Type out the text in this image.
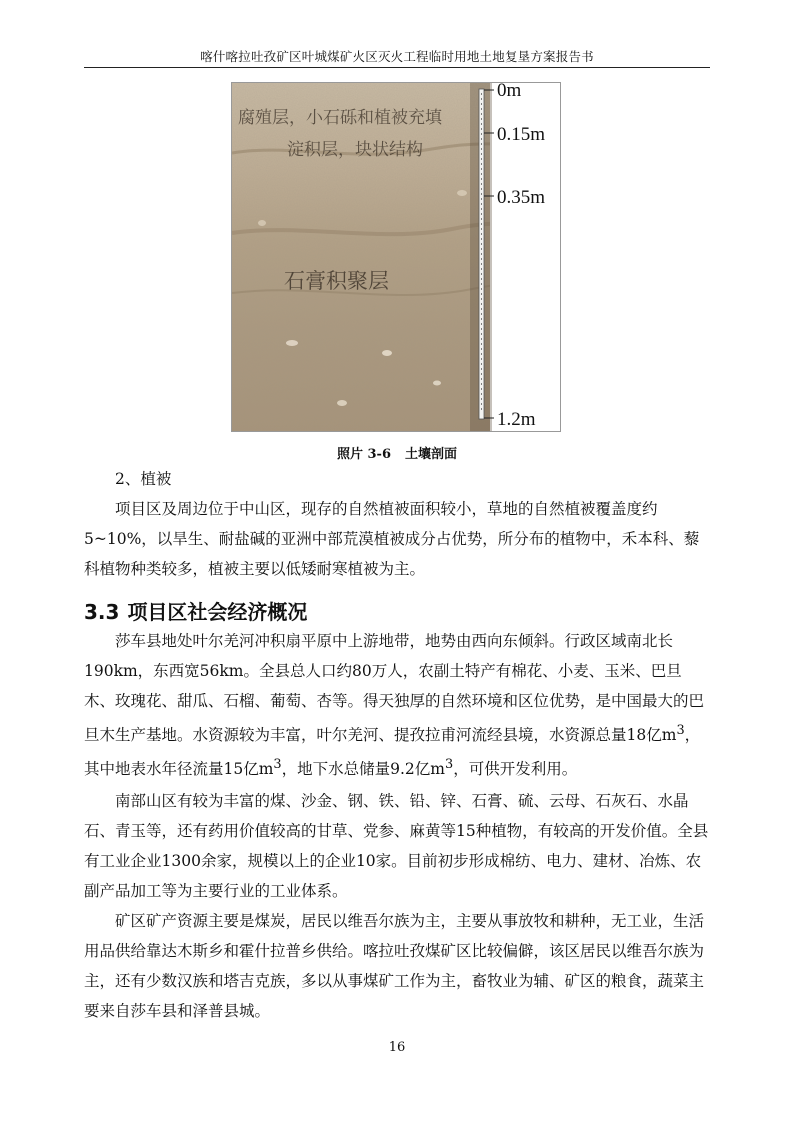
喀什喀拉吐孜矿区叶城煤矿火区灭火工程临时用地土地复垦方案报告书
0m
0.15m
0.35m
1.2m
腐殖层，小石砾和植被充填
淀积层，块状结构
石膏积聚层
照片 3-6 土壤剖面

2、植被

项目区及周边位于中山区，现存的自然植被面积较小，草地的自然植被覆盖度约5~10%，以旱生、耐盐碱的亚洲中部荒漠植被成分占优势，所分布的植物中，禾本科、藜科植物种类较多，植被主要以低矮耐寒植被为主。

3.3 项目区社会经济概况

莎车县地处叶尔羌河冲积扇平原中上游地带，地势由西向东倾斜。行政区域南北长190km，东西宽56km。全县总人口约80万人，农副土特产有棉花、小麦、玉米、巴旦木、玫瑰花、甜瓜、石榴、葡萄、杏等。得天独厚的自然环境和区位优势，是中国最大的巴旦木生产基地。水资源较为丰富，叶尔羌河、提孜拉甫河流经县境，水资源总量18亿$m^3$，其中地表水年径流量15亿$m^3$，地下水总储量9.2亿$m^3$，可供开发利用。

南部山区有较为丰富的煤、沙金、钢、铁、铅、锌、石膏、硫、云母、石灰石、水晶石、青玉等，还有药用价值较高的甘草、党参、麻黄等15种植物，有较高的开发价值。全县有工业企业1300余家，规模以上的企业10家。目前初步形成棉纺、电力、建材、冶炼、农副产品加工等为主要行业的工业体系。

矿区矿产资源主要是煤炭，居民以维吾尔族为主，主要从事放牧和耕种，无工业，生活用品供给靠达木斯乡和霍什拉普乡供给。喀拉吐孜煤矿区比较偏僻，该区居民以维吾尔族为主，还有少数汉族和塔吉克族，多以从事煤矿工作为主，畜牧业为辅、矿区的粮食，蔬菜主要来自莎车县和泽普县城。

16
